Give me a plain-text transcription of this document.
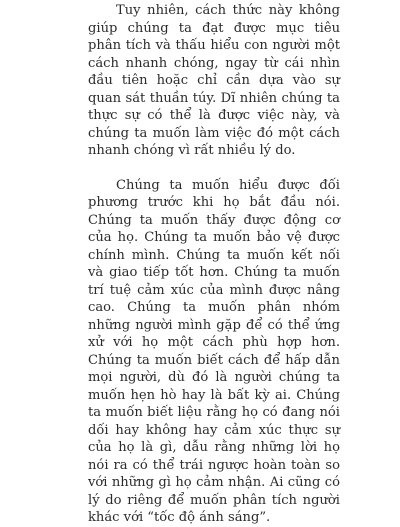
Tuy nhiên, cách thức này không giúp chúng ta đạt được mục tiêu phân tích và thấu hiểu con người một cách nhanh chóng, ngay từ cái nhìn đầu tiên hoặc chỉ cần dựa vào sự quan sát thuần túy. Dĩ nhiên chúng ta thực sự có thể là được việc này, và chúng ta muốn làm việc đó một cách nhanh chóng vì rất nhiều lý do.

Chúng ta muốn hiểu được đối phương trước khi họ bắt đầu nói. Chúng ta muốn thấy được động cơ của họ. Chúng ta muốn bảo vệ được chính mình. Chúng ta muốn kết nối và giao tiếp tốt hơn. Chúng ta muốn trí tuệ cảm xúc của mình được nâng cao. Chúng ta muốn phân nhóm những người mình gặp để có thể ứng xử với họ một cách phù hợp hơn. Chúng ta muốn biết cách để hấp dẫn mọi người, dù đó là người chúng ta muốn hẹn hò hay là bất kỳ ai. Chúng ta muốn biết liệu rằng họ có đang nói dối hay không hay cảm xúc thực sự của họ là gì, dẫu rằng những lời họ nói ra có thể trái ngược hoàn toàn so với những gì họ cảm nhận. Ai cũng có lý do riêng để muốn phân tích người khác với “tốc độ ánh sáng”.
